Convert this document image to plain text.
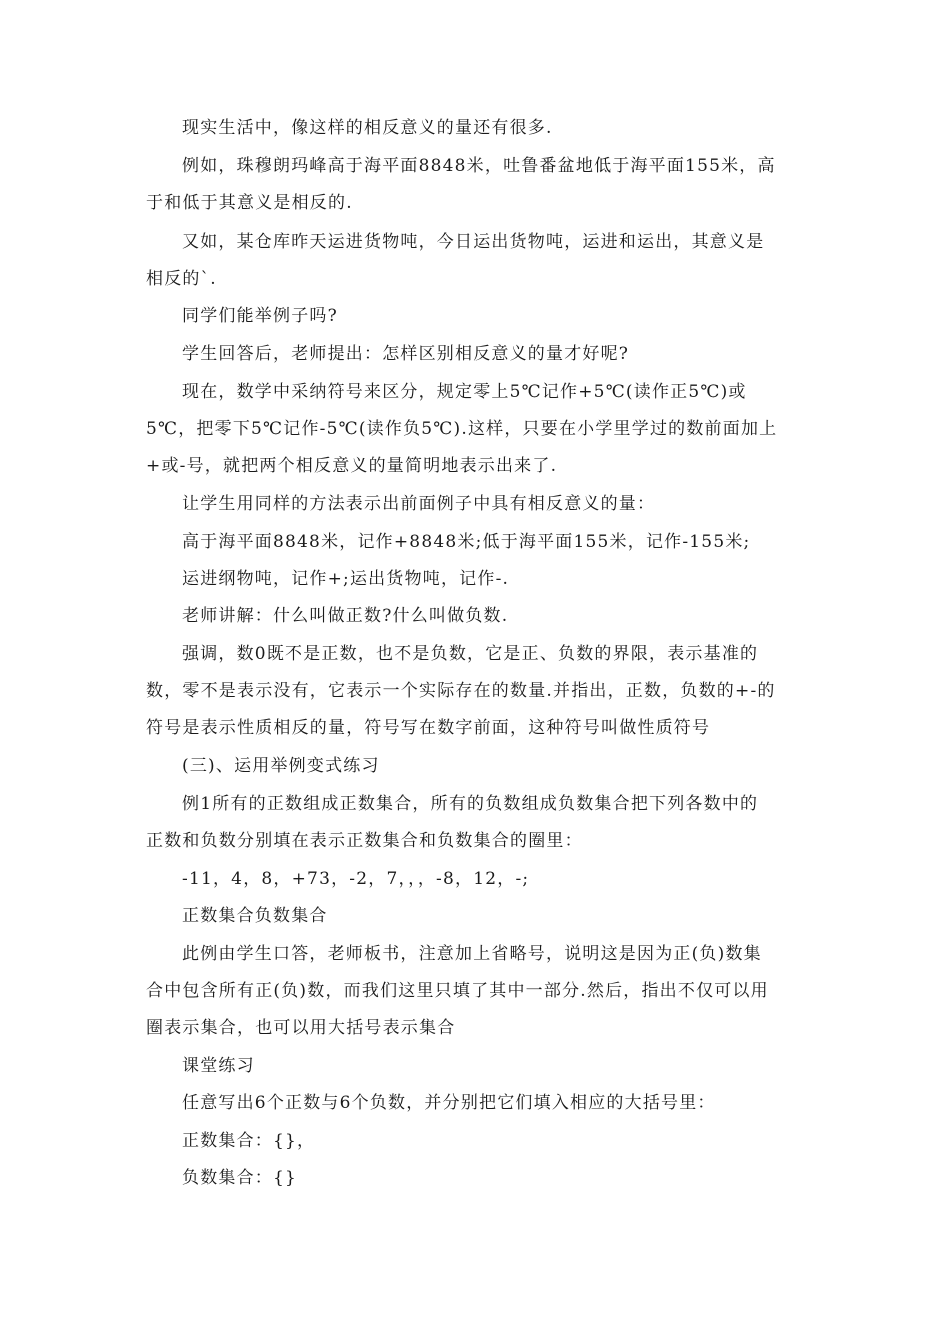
现实生活中，像这样的相反意义的量还有很多.
例如，珠穆朗玛峰高于海平面8848米，吐鲁番盆地低于海平面155米，高
于和低于其意义是相反的.
又如，某仓库昨天运进货物吨，今日运出货物吨，运进和运出，其意义是
相反的`.
同学们能举例子吗?
学生回答后，老师提出：怎样区别相反意义的量才好呢?
现在，数学中采纳符号来区分，规定零上5℃记作+5℃(读作正5℃)或
5℃，把零下5℃记作-5℃(读作负5℃).这样，只要在小学里学过的数前面加上
+或-号，就把两个相反意义的量简明地表示出来了.
让学生用同样的方法表示出前面例子中具有相反意义的量：
高于海平面8848米，记作+8848米;低于海平面155米，记作-155米;
运进纲物吨，记作+;运出货物吨，记作-.
老师讲解：什么叫做正数?什么叫做负数.
强调，数0既不是正数，也不是负数，它是正、负数的界限，表示基准的
数，零不是表示没有，它表示一个实际存在的数量.并指出，正数，负数的+-的
符号是表示性质相反的量，符号写在数字前面，这种符号叫做性质符号
(三)、运用举例变式练习
例1所有的正数组成正数集合，所有的负数组成负数集合把下列各数中的
正数和负数分别填在表示正数集合和负数集合的圈里：
-11，4，8，+73，-2，7，，，-8，12，-;
正数集合负数集合
此例由学生口答，老师板书，注意加上省略号，说明这是因为正(负)数集
合中包含所有正(负)数，而我们这里只填了其中一部分.然后，指出不仅可以用
圈表示集合，也可以用大括号表示集合
课堂练习
任意写出6个正数与6个负数，并分别把它们填入相应的大括号里：
正数集合：{}，
负数集合：{}
